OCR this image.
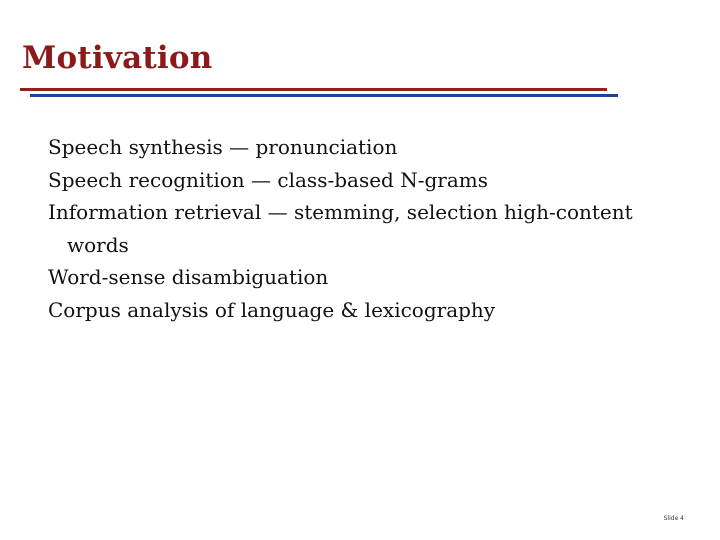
Motivation
Speech synthesis — pronunciation
Speech recognition — class-based N-grams
Information retrieval — stemming, selection high-content words
Word-sense disambiguation
Corpus analysis of language & lexicography
Slide 4
